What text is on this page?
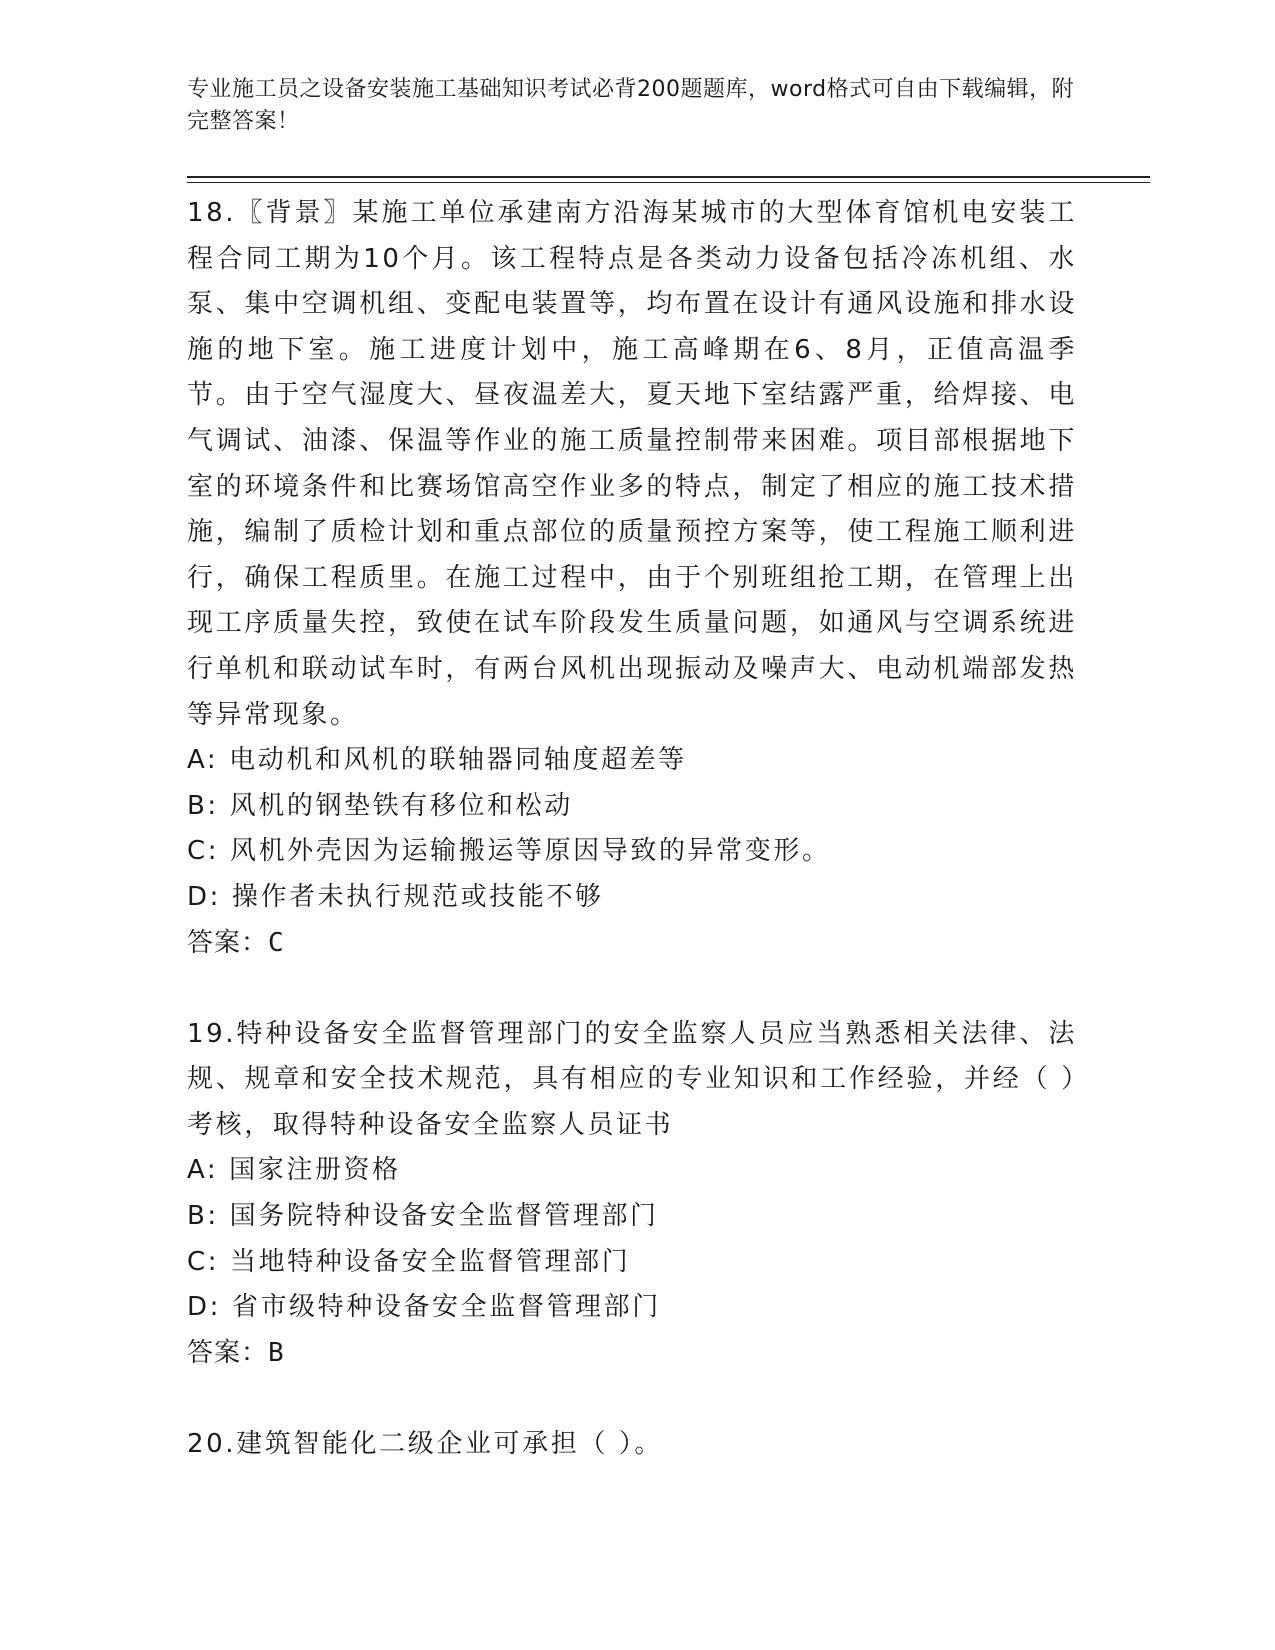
专业施工员之设备安装施工基础知识考试必背200题题库，word格式可自由下载编辑，附完整答案！

18.〖背景〗某施工单位承建南方沿海某城市的大型体育馆机电安装工程合同工期为10个月。该工程特点是各类动力设备包括冷冻机组、水泵、集中空调机组、变配电装置等，均布置在设计有通风设施和排水设施的地下室。施工进度计划中，施工高峰期在6、8月，正值高温季节。由于空气湿度大、昼夜温差大，夏天地下室结露严重，给焊接、电气调试、油漆、保温等作业的施工质量控制带来困难。项目部根据地下室的环境条件和比赛场馆高空作业多的特点，制定了相应的施工技术措施，编制了质检计划和重点部位的质量预控方案等，使工程施工顺利进行，确保工程质里。在施工过程中，由于个别班组抢工期，在管理上出现工序质量失控，致使在试车阶段发生质量问题，如通风与空调系统进行单机和联动试车时，有两台风机出现振动及噪声大、电动机端部发热等异常现象。

A: 电动机和风机的联轴器同轴度超差等

B: 风机的钢垫铁有移位和松动

C: 风机外壳因为运输搬运等原因导致的异常变形。

D: 操作者未执行规范或技能不够

答案：C

19.特种设备安全监督管理部门的安全监察人员应当熟悉相关法律、法规、规章和安全技术规范，具有相应的专业知识和工作经验，并经（ ）考核，取得特种设备安全监察人员证书

A: 国家注册资格

B: 国务院特种设备安全监督管理部门

C: 当地特种设备安全监督管理部门

D: 省市级特种设备安全监督管理部门

答案：B

20.建筑智能化二级企业可承担（ ）。
